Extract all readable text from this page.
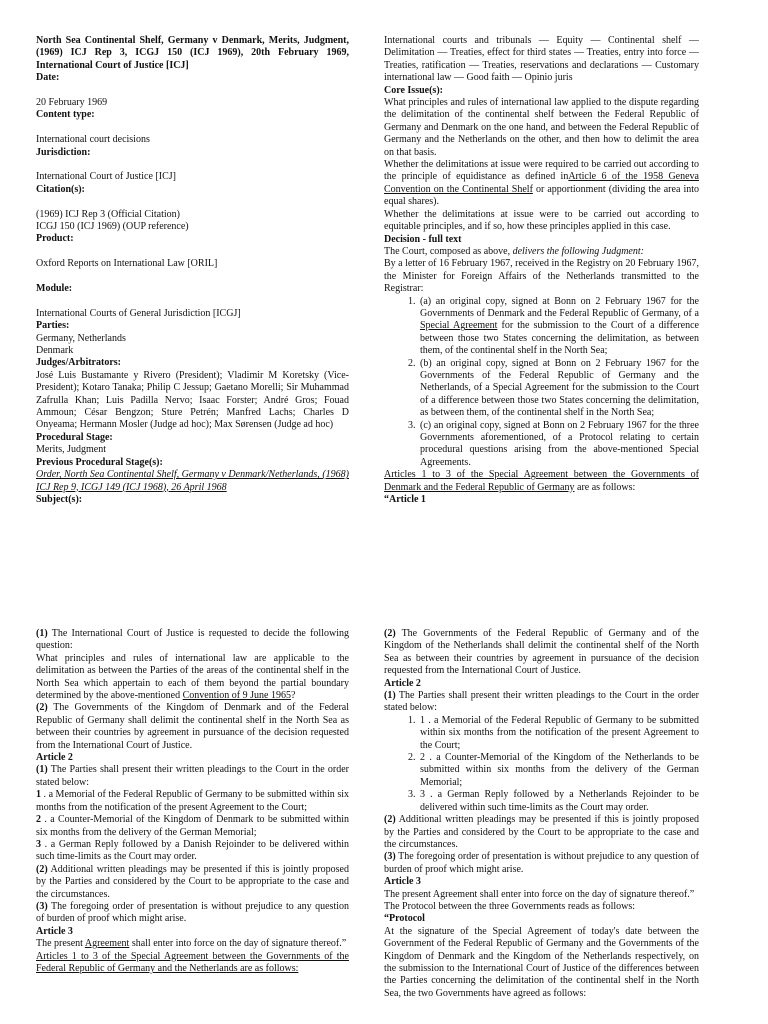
North Sea Continental Shelf, Germany v Denmark, Merits, Judgment, (1969) ICJ Rep 3, ICGJ 150 (ICJ 1969), 20th February 1969, International Court of Justice [ICJ]

Date:

20 February 1969

Content type:

International court decisions

Jurisdiction:

International Court of Justice [ICJ]

Citation(s):

(1969) ICJ Rep 3 (Official Citation)

ICGJ 150 (ICJ 1969) (OUP reference)

Product:

Oxford Reports on International Law [ORIL]

Module:

International Courts of General Jurisdiction [ICGJ]

Parties:

Germany, Netherlands

Denmark

Judges/Arbitrators:

José Luis Bustamante y Rivero (President); Vladimir M Koretsky (Vice-President); Kotaro Tanaka; Philip C Jessup; Gaetano Morelli; Sir Muhammad Zafrulla Khan; Luis Padilla Nervo; Isaac Forster; André Gros; Fouad Ammoun; César Bengzon; Sture Petrén; Manfred Lachs; Charles D Onyeama; Hermann Mosler (Judge ad hoc); Max Sørensen (Judge ad hoc)

Procedural Stage:

Merits, Judgment

Previous Procedural Stage(s):

Order, North Sea Continental Shelf, Germany v Denmark/Netherlands, (1968) ICJ Rep 9, ICGJ 149 (ICJ 1968), 26 April 1968

Subject(s):

International courts and tribunals — Equity — Continental shelf — Delimitation — Treaties, effect for third states — Treaties, entry into force — Treaties, ratification — Treaties, reservations and declarations — Customary international law — Good faith — Opinio juris

Core Issue(s):

What principles and rules of international law applied to the dispute regarding the delimitation of the continental shelf between the Federal Republic of Germany and Denmark on the one hand, and between the Federal Republic of Germany and the Netherlands on the other, and then how to delimit the area on that basis.

Whether the delimitations at issue were required to be carried out according to the principle of equidistance as defined inArticle 6 of the 1958 Geneva Convention on the Continental Shelf or apportionment (dividing the area into equal shares).

Whether the delimitations at issue were to be carried out according to equitable principles, and if so, how these principles applied in this case.

Decision - full text

The Court, composed as above, delivers the following Judgment:

By a letter of 16 February 1967, received in the Registry on 20 February 1967, the Minister for Foreign Affairs of the Netherlands transmitted to the Registrar:

1. (a) an original copy, signed at Bonn on 2 February 1967 for the Governments of Denmark and the Federal Republic of Germany, of a Special Agreement for the submission to the Court of a difference between those two States concerning the delimitation, as between them, of the continental shelf in the North Sea;
2. (b) an original copy, signed at Bonn on 2 February 1967 for the Governments of the Federal Republic of Germany and the Netherlands, of a Special Agreement for the submission to the Court of a difference between those two States concerning the delimitation, as between them, of the continental shelf in the North Sea;
3. (c) an original copy, signed at Bonn on 2 February 1967 for the three Governments aforementioned, of a Protocol relating to certain procedural questions arising from the above-mentioned Special Agreements.

Articles 1 to 3 of the Special Agreement between the Governments of Denmark and the Federal Republic of Germany are as follows:

“Article 1

(1) The International Court of Justice is requested to decide the following question:

What principles and rules of international law are applicable to the delimitation as between the Parties of the areas of the continental shelf in the North Sea which appertain to each of them beyond the partial boundary determined by the above-mentioned Convention of 9 June 1965?

(2) The Governments of the Kingdom of Denmark and of the Federal Republic of Germany shall delimit the continental shelf in the North Sea as between their countries by agreement in pursuance of the decision requested from the International Court of Justice.

Article 2

(1) The Parties shall present their written pleadings to the Court in the order stated below:

1 . a Memorial of the Federal Republic of Germany to be submitted within six months from the notification of the present Agreement to the Court;

2 . a Counter-Memorial of the Kingdom of Denmark to be submitted within six months from the delivery of the German Memorial;

3 . a German Reply followed by a Danish Rejoinder to be delivered within such time-limits as the Court may order.

(2) Additional written pleadings may be presented if this is jointly proposed by the Parties and considered by the Court to be appropriate to the case and the circumstances.

(3) The foregoing order of presentation is without prejudice to any question of burden of proof which might arise.

Article 3

The present Agreement shall enter into force on the day of signature thereof.”

Articles 1 to 3 of the Special Agreement between the Governments of the Federal Republic of Germany and the Netherlands are as follows:

(2) The Governments of the Federal Republic of Germany and of the Kingdom of the Netherlands shall delimit the continental shelf of the North Sea as between their countries by agreement in pursuance of the decision requested from the International Court of Justice.

Article 2

(1) The Parties shall present their written pleadings to the Court in the order stated below:

1. 1 . a Memorial of the Federal Republic of Germany to be submitted within six months from the notification of the present Agreement to the Court;
2. 2 . a Counter-Memorial of the Kingdom of the Netherlands to be submitted within six months from the delivery of the German Memorial;
3. 3 . a German Reply followed by a Netherlands Rejoinder to be delivered within such time-limits as the Court may order.

(2) Additional written pleadings may be presented if this is jointly proposed by the Parties and considered by the Court to be appropriate to the case and the circumstances.

(3) The foregoing order of presentation is without prejudice to any question of burden of proof which might arise.

Article 3

The present Agreement shall enter into force on the day of signature thereof.”

The Protocol between the three Governments reads as follows:

“Protocol

At the signature of the Special Agreement of today's date between the Government of the Federal Republic of Germany and the Governments of the Kingdom of Denmark and the Kingdom of the Netherlands respectively, on the submission to the International Court of Justice of the differences between the Parties concerning the delimitation of the continental shelf in the North Sea, the two Governments have agreed as follows:
